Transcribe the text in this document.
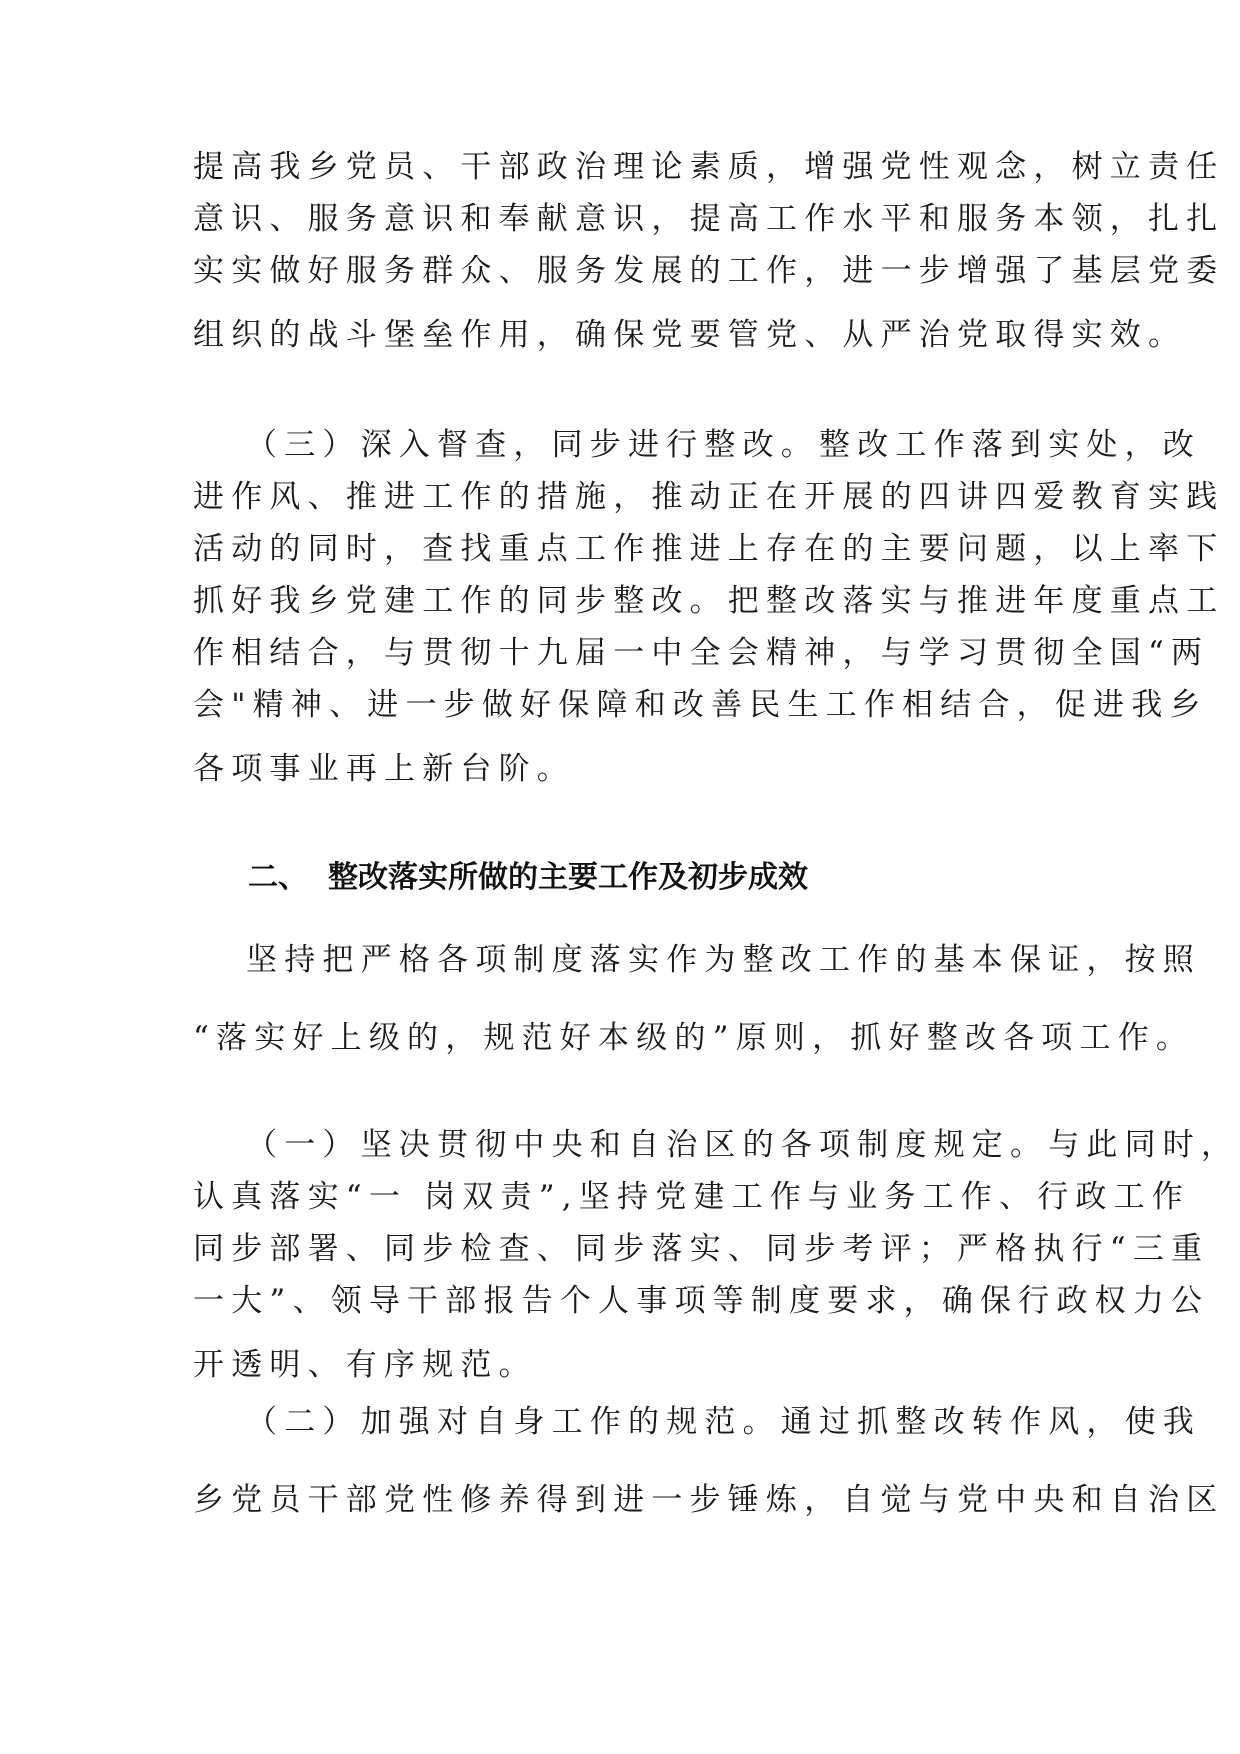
提高我乡党员、干部政治理论素质，增强党性观念，树立责任
意识、服务意识和奉献意识，提高工作水平和服务本领，扎扎
实实做好服务群众、服务发展的工作，进一步增强了基层党委
组织的战斗堡垒作用，确保党要管党、从严治党取得实效。
（三）深入督查，同步进行整改。整改工作落到实处，改
进作风、推进工作的措施，推动正在开展的四讲四爱教育实践
活动的同时，查找重点工作推进上存在的主要问题，以上率下
抓好我乡党建工作的同步整改。把整改落实与推进年度重点工
作相结合，与贯彻十九届一中全会精神，与学习贯彻全国“两
会"精神、进一步做好保障和改善民生工作相结合，促进我乡
各项事业再上新台阶。
二、 整改落实所做的主要工作及初步成效
坚持把严格各项制度落实作为整改工作的基本保证，按照
“落实好上级的，规范好本级的”原则，抓好整改各项工作。
（一）坚决贯彻中央和自治区的各项制度规定。与此同时，
认真落实“一 岗双责”,坚持党建工作与业务工作、行政工作
同步部署、同步检查、同步落实、同步考评；严格执行“三重
一大”、领导干部报告个人事项等制度要求，确保行政权力公
开透明、有序规范。
（二）加强对自身工作的规范。通过抓整改转作风，使我
乡党员干部党性修养得到进一步锤炼，自觉与党中央和自治区
